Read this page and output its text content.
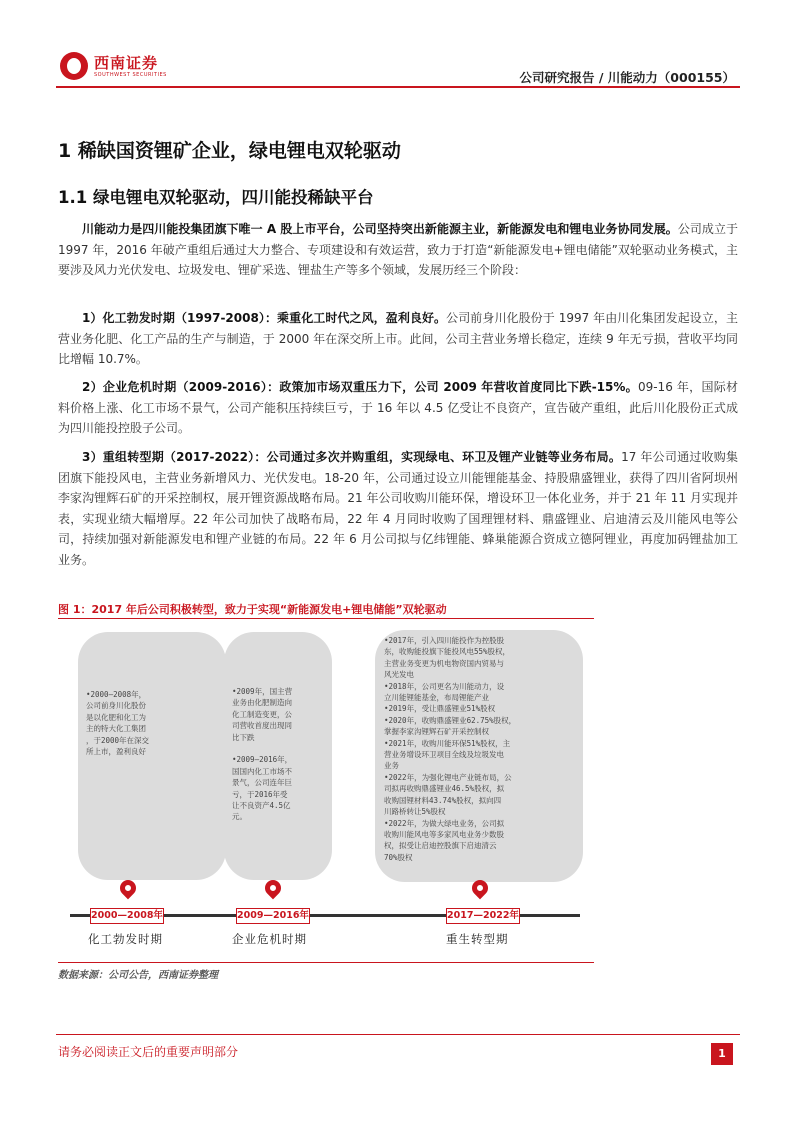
西南证券
SOUTHWEST SECURITIES	公司研究报告 / 川能动力（000155）
1 稀缺国资锂矿企业，绿电锂电双轮驱动
1.1 绿电锂电双轮驱动，四川能投稀缺平台
川能动力是四川能投集团旗下唯一 A 股上市平台，公司坚持突出新能源主业，新能源发电和锂电业务协同发展。公司成立于 1997 年，2016 年破产重组后通过大力整合、专项建设和有效运营，致力于打造“新能源发电+锂电储能”双轮驱动业务模式，主要涉及风力光伏发电、垃圾发电、锂矿采选、锂盐生产等多个领域，发展历经三个阶段：
1）化工勃发时期（1997-2008）：乘重化工时代之风，盈利良好。公司前身川化股份于 1997 年由川化集团发起设立，主营业务化肥、化工产品的生产与制造，于 2000 年在深交所上市。此间，公司主营业务增长稳定，连续 9 年无亏损，营收平均同比增幅 10.7%。
2）企业危机时期（2009-2016）：政策加市场双重压力下，公司 2009 年营收首度同比下跌-15%。09-16 年，国际材料价格上涨、化工市场不景气，公司产能积压持续巨亏，于 16 年以 4.5 亿受让不良资产，宣告破产重组，此后川化股份正式成为四川能投控股子公司。
3）重组转型期（2017-2022）：公司通过多次并购重组，实现绿电、环卫及锂产业链等业务布局。17 年公司通过收购集团旗下能投风电，主营业务新增风力、光伏发电。18-20 年，公司通过设立川能锂能基金、持股鼎盛锂业，获得了四川省阿坝州李家沟锂辉石矿的开采控制权，展开锂资源战略布局。21 年公司收购川能环保，增设环卫一体化业务，并于 21 年 11 月实现并表，实现业绩大幅增厚。22 年公司加快了战略布局，22 年 4 月同时收购了国理锂材料、鼎盛锂业、启迪清云及川能风电等公司，持续加强对新能源发电和锂产业链的布局。22 年 6 月公司拟与亿纬锂能、蜂巢能源合资成立德阿锂业，再度加码锂盐加工业务。
图 1：2017 年后公司积极转型，致力于实现“新能源发电+锂电储能”双轮驱动
•2000—2008年，
公司前身川化股份
是以化肥和化工为
主的特大化工集团
，于2000年在深交
所上市，盈利良好
•2009年，国主营
业务由化肥制造向
化工制造变更，公
司营收首度出现同
比下跌

•2009—2016年，
国国内化工市场不
景气，公司连年巨
亏，于2016年受
让不良资产4.5亿
元。
•2017年，引入四川能投作为控股股
东，收购能投旗下能投风电55%股权，
主营业务变更为机电物资国内贸易与
风光发电
•2018年，公司更名为川能动力，设
立川能锂能基金，布局锂能产业
•2019年，受让鼎盛锂业51%股权
•2020年，收购鼎盛锂业62.75%股权，
掌握李家沟锂辉石矿开采控制权
•2021年，收购川能环保51%股权，主
营业务增设环卫项目全线及垃圾发电
业务
•2022年，为强化锂电产业链布局，公
司拟再收购鼎盛锂业46.5%股权，拟
收购国锂材料43.74%股权，拟向四
川路桥转让5%股权
•2022年，为做大绿电业务，公司拟
收购川能风电等多家风电业务少数股
权，拟受让启迪控股旗下启迪清云
70%股权
2000—2008年	2009—2016年	2017—2022年
化工勃发时期	企业危机时期	重生转型期
数据来源：公司公告，西南证券整理
请务必阅读正文后的重要声明部分	1
